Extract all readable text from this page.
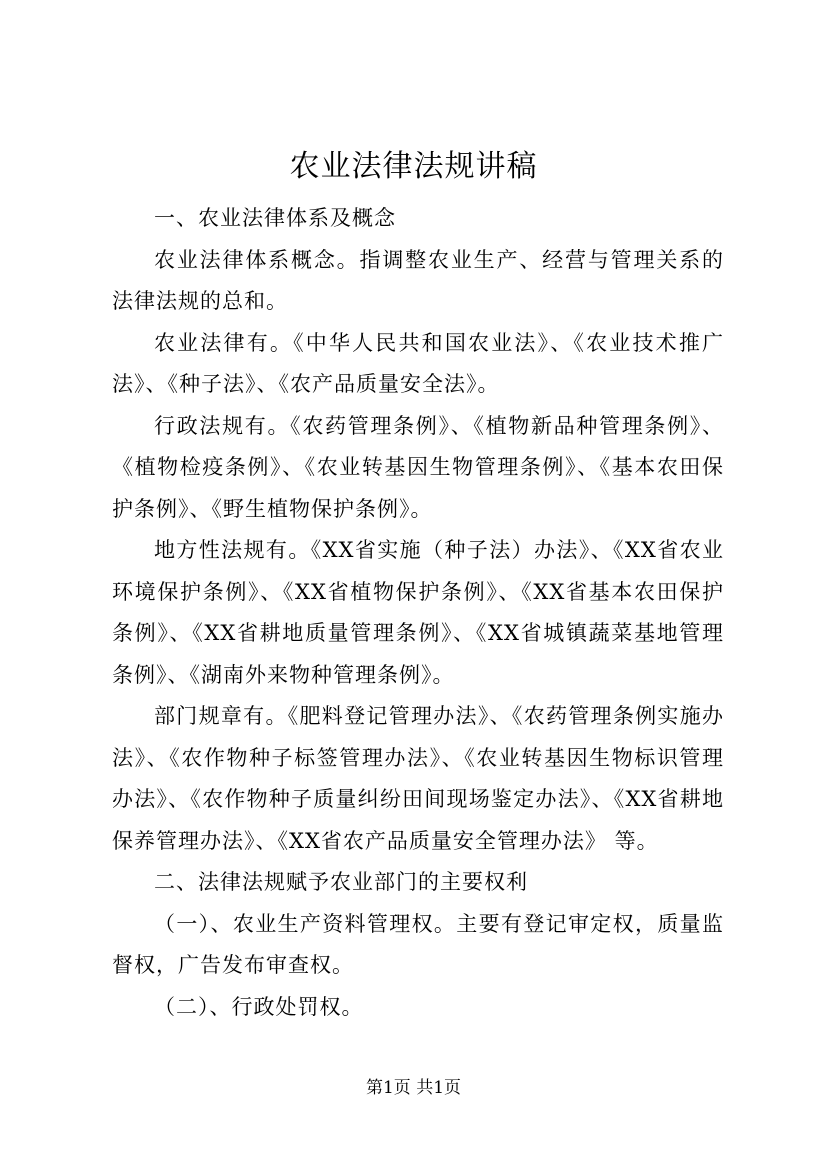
农业法律法规讲稿

一、农业法律体系及概念

农业法律体系概念。指调整农业生产、经营与管理关系的法律法规的总和。

农业法律有。《中华人民共和国农业法》、《农业技术推广法》、《种子法》、《农产品质量安全法》。

行政法规有。《农药管理条例》、《植物新品种管理条例》、《植物检疫条例》、《农业转基因生物管理条例》、《基本农田保护条例》、《野生植物保护条例》。

地方性法规有。《XX省实施（种子法）办法》、《XX省农业环境保护条例》、《XX省植物保护条例》、《XX省基本农田保护条例》、《XX省耕地质量管理条例》、《XX省城镇蔬菜基地管理条例》、《湖南外来物种管理条例》。

部门规章有。《肥料登记管理办法》、《农药管理条例实施办法》、《农作物种子标签管理办法》、《农业转基因生物标识管理办法》、《农作物种子质量纠纷田间现场鉴定办法》、《XX省耕地保养管理办法》、《XX省农产品质量安全管理办法》 等。

二、法律法规赋予农业部门的主要权利

（一）、农业生产资料管理权。主要有登记审定权，质量监督权，广告发布审查权。

（二）、行政处罚权。

第1页 共1页
